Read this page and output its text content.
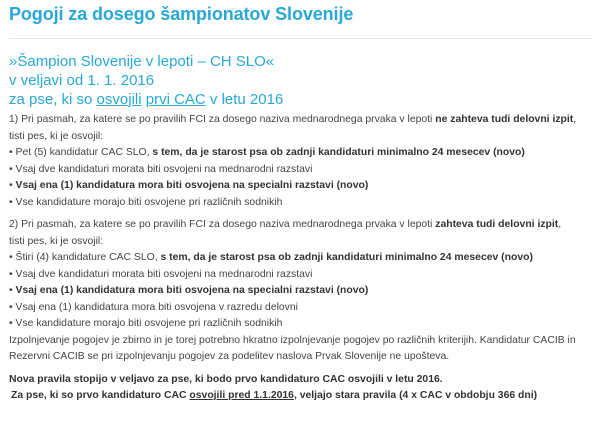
Pogoji za dosego šampionatov Slovenije
»Šampion Slovenije v lepoti – CH SLO«
v veljavi od 1. 1. 2016
za pse, ki so osvojili prvi CAC v letu 2016
1) Pri pasmah, za katere se po pravilih FCI za dosego naziva mednarodnega prvaka v lepoti ne zahteva tudi delovni izpit,
tisti pes, ki je osvojil:
• Pet (5) kandidatur CAC SLO, s tem, da je starost psa ob zadnji kandidaturi minimalno 24 mesecev (novo)
• Vsaj dve kandidaturi morata biti osvojeni na mednarodni razstavi
• Vsaj ena (1) kandidatura mora biti osvojena na specialni razstavi (novo)
• Vse kandidature morajo biti osvojene pri različnih sodnikih
2) Pri pasmah, za katere se po pravilih FCI za dosego naziva mednarodnega prvaka v lepoti zahteva tudi delovni izpit,
tisti pes, ki je osvojil:
• Štiri (4) kandidature CAC SLO, s tem, da je starost psa ob zadnji kandidaturi minimalno 24 mesecev (novo)
• Vsaj dve kandidaturi morata biti osvojeni na mednarodni razstavi
• Vsaj ena (1) kandidatura mora biti osvojena na specialni razstavi (novo)
• Vsaj ena (1) kandidatura mora biti osvojena v razredu delovni
• Vse kandidature morajo biti osvojene pri različnih sodnikih
Izpolnjevanje pogojev je zbirno in je torej potrebno hkratno izpolnjevanje pogojev po različnih kriterijih. Kandidatur CACIB in Rezervni CACIB se pri izpolnjevanju pogojev za podelitev naslova Prvak Slovenije ne upošteva.
Nova pravila stopijo v veljavo za pse, ki bodo prvo kandidaturo CAC osvojili v letu 2016.
Za pse, ki so prvo kandidaturo CAC osvojili pred 1.1.2016, veljajo stara pravila (4 x CAC v obdobju 366 dni)
